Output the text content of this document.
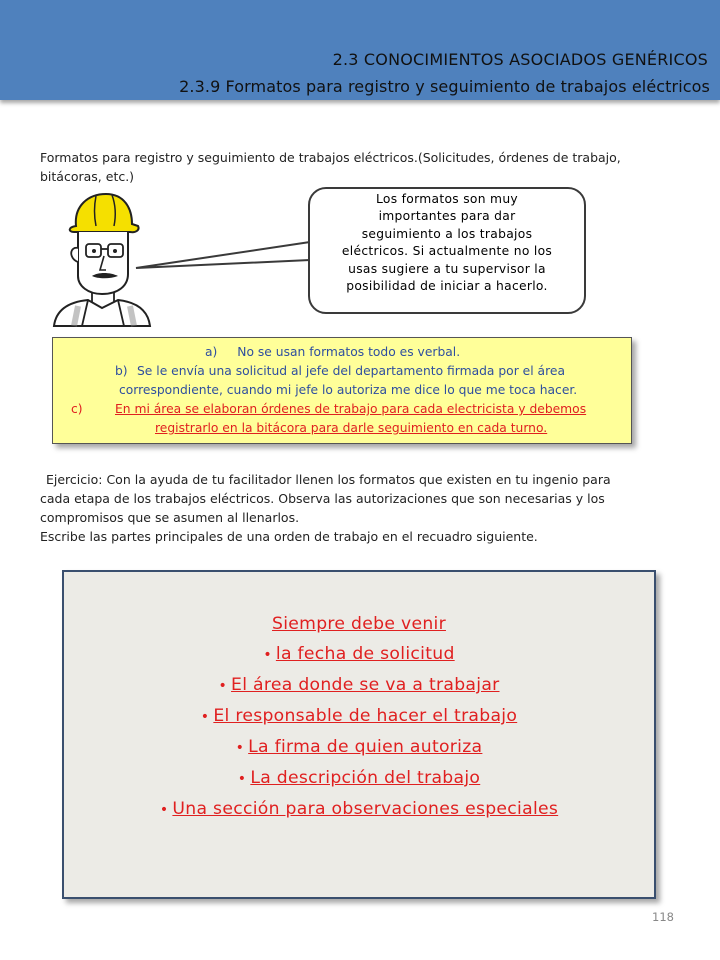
2.3 CONOCIMIENTOS ASOCIADOS GENÉRICOS
2.3.9 Formatos para registro y seguimiento de trabajos eléctricos
Formatos para registro y seguimiento de trabajos eléctricos.(Solicitudes, órdenes de trabajo,
bitácoras, etc.)
Los formatos son muy
importantes para dar
seguimiento a los trabajos
eléctricos. Si actualmente no los
usas sugiere a tu supervisor la
posibilidad de iniciar a hacerlo.
a) No se usan formatos todo es verbal.
b) Se le envía una solicitud al jefe del departamento firmada por el área
correspondiente, cuando mi jefe lo autoriza me dice lo que me toca hacer.
c)	En mi área se elaboran órdenes de trabajo para cada electricista y debemos
registrarlo en la bitácora para darle seguimiento en cada turno.
Ejercicio: Con la ayuda de tu facilitador llenen los formatos que existen en tu ingenio para
cada etapa de los trabajos eléctricos. Observa las autorizaciones que son necesarias y los
compromisos que se asumen al llenarlos.
Escribe las partes principales de una orden de trabajo en el recuadro siguiente.
Siempre debe venir
• la fecha de solicitud
• El área donde se va a trabajar
• El responsable de hacer el trabajo
• La firma de quien autoriza
• La descripción del trabajo
• Una sección para observaciones especiales
118
